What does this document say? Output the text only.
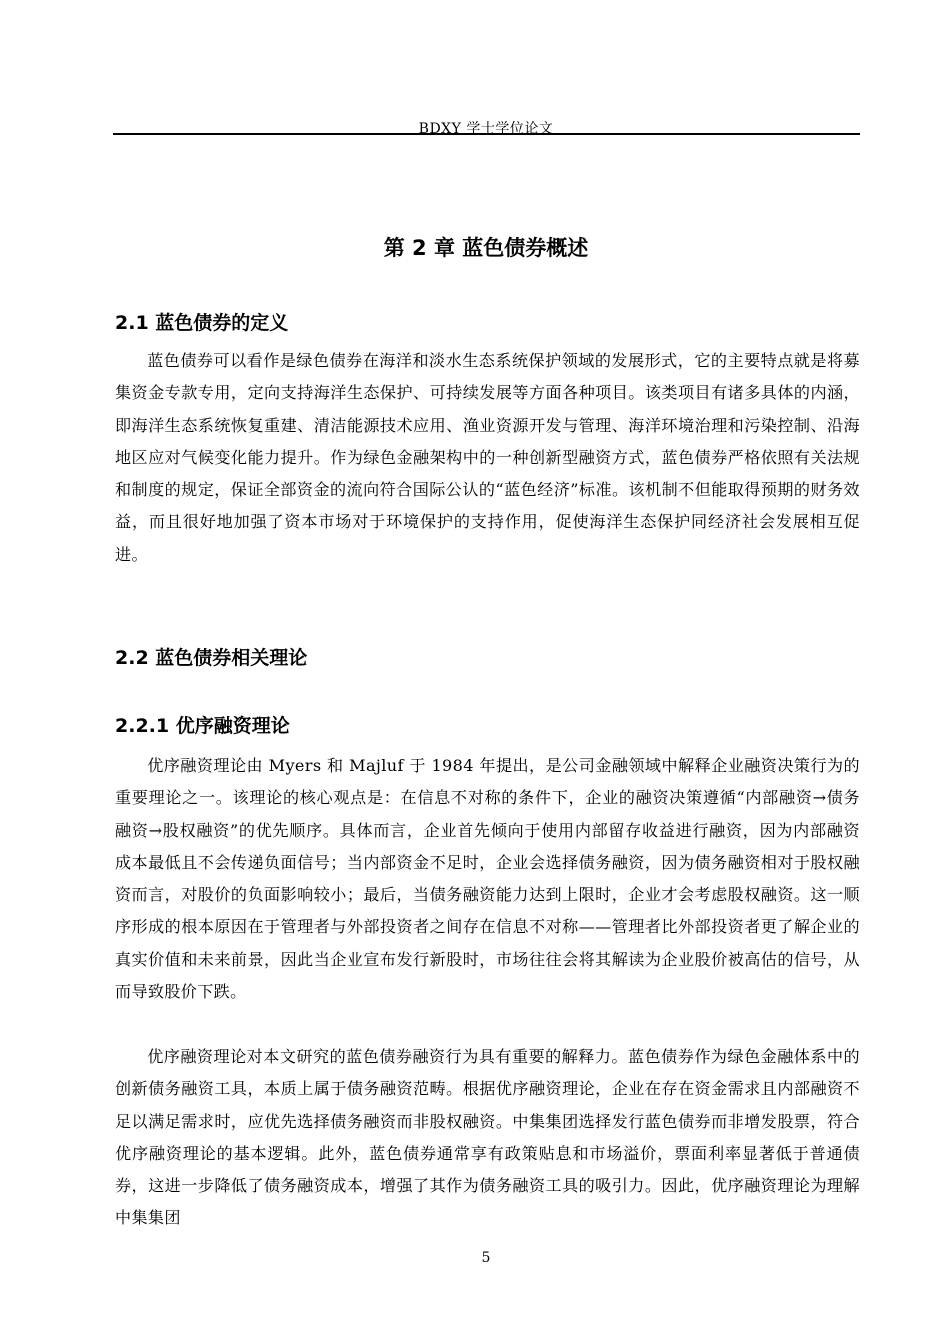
BDXY 学士学位论文
第 2 章 蓝色债券概述
2.1 蓝色债券的定义

蓝色债券可以看作是绿色债券在海洋和淡水生态系统保护领域的发展形式，它的主要特点就是将募集资金专款专用，定向支持海洋生态保护、可持续发展等方面各种项目。该类项目有诸多具体的内涵，即海洋生态系统恢复重建、清洁能源技术应用、渔业资源开发与管理、海洋环境治理和污染控制、沿海地区应对气候变化能力提升。作为绿色金融架构中的一种创新型融资方式，蓝色债券严格依照有关法规和制度的规定，保证全部资金的流向符合国际公认的“蓝色经济”标准。该机制不但能取得预期的财务效益，而且很好地加强了资本市场对于环境保护的支持作用，促使海洋生态保护同经济社会发展相互促进。

2.2 蓝色债券相关理论
2.2.1 优序融资理论

优序融资理论由 Myers 和 Majluf 于 1984 年提出，是公司金融领域中解释企业融资决策行为的重要理论之一。该理论的核心观点是：在信息不对称的条件下，企业的融资决策遵循“内部融资→债务融资→股权融资”的优先顺序。具体而言，企业首先倾向于使用内部留存收益进行融资，因为内部融资成本最低且不会传递负面信号；当内部资金不足时，企业会选择债务融资，因为债务融资相对于股权融资而言，对股价的负面影响较小；最后，当债务融资能力达到上限时，企业才会考虑股权融资。这一顺序形成的根本原因在于管理者与外部投资者之间存在信息不对称——管理者比外部投资者更了解企业的真实价值和未来前景，因此当企业宣布发行新股时，市场往往会将其解读为企业股价被高估的信号，从而导致股价下跌。

优序融资理论对本文研究的蓝色债券融资行为具有重要的解释力。蓝色债券作为绿色金融体系中的创新债务融资工具，本质上属于债务融资范畴。根据优序融资理论，企业在存在资金需求且内部融资不足以满足需求时，应优先选择债务融资而非股权融资。中集集团选择发行蓝色债券而非增发股票，符合优序融资理论的基本逻辑。此外，蓝色债券通常享有政策贴息和市场溢价，票面利率显著低于普通债券，这进一步降低了债务融资成本，增强了其作为债务融资工具的吸引力。因此，优序融资理论为理解中集集团

5
